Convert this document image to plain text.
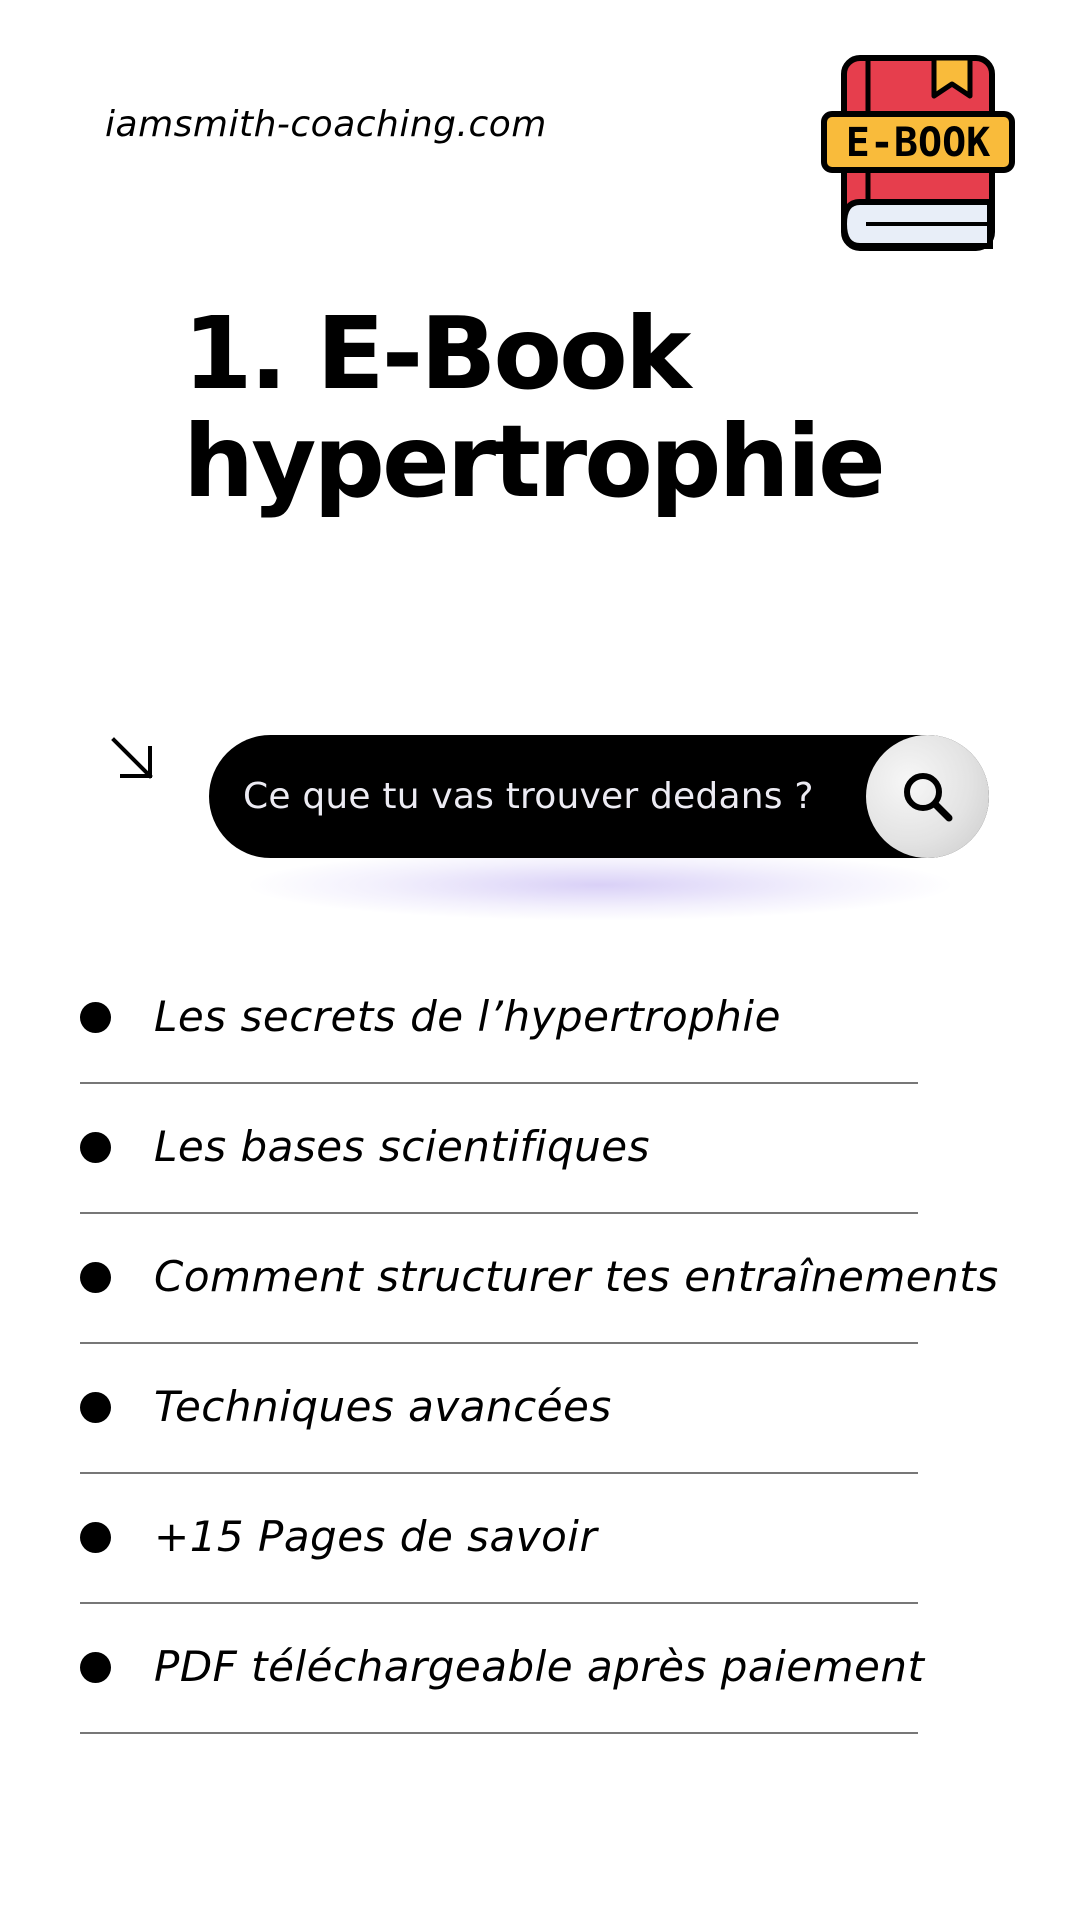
iamsmith-coaching.com	E-BOOK
1. E-Book
hypertrophie
Ce que tu vas trouver dedans ?
Les secrets de l’hypertrophie
Les bases scientifiques
Comment structurer tes entraînements
Techniques avancées
+15 Pages de savoir
PDF téléchargeable après paiement
